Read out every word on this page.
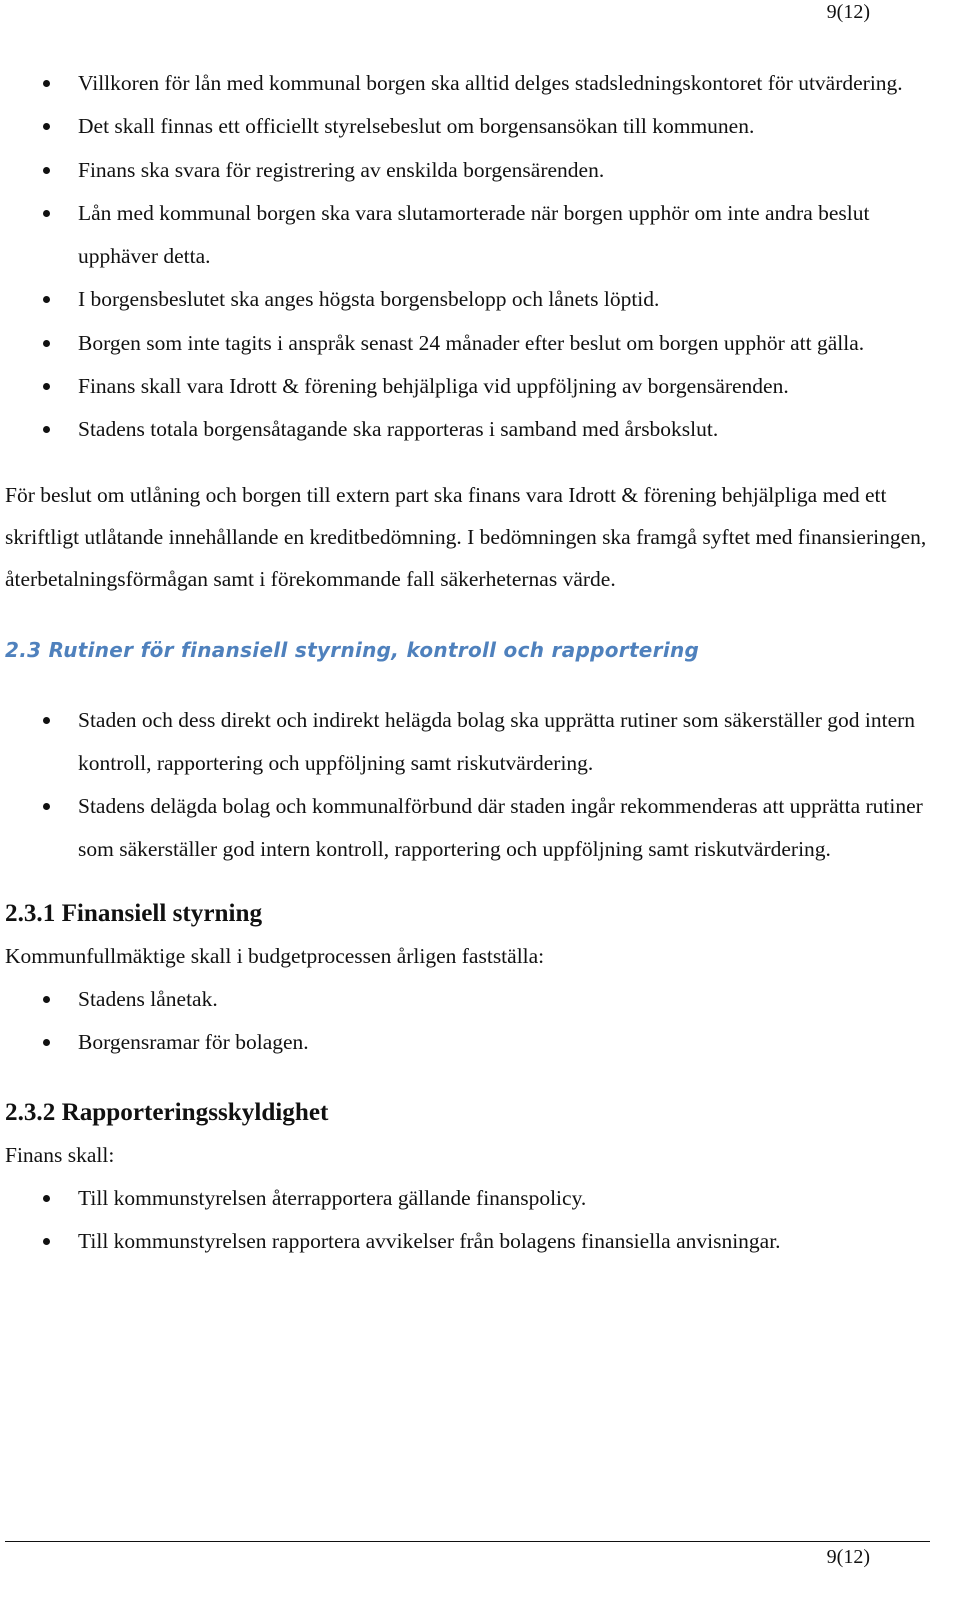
9(12)
Villkoren för lån med kommunal borgen ska alltid delges stadsledningskontoret för utvärdering.
Det skall finnas ett officiellt styrelsebeslut om borgensansökan till kommunen.
Finans ska svara för registrering av enskilda borgensärenden.
Lån med kommunal borgen ska vara slutamorterade när borgen upphör om inte andra beslut upphäver detta.
I borgensbeslutet ska anges högsta borgensbelopp och lånets löptid.
Borgen som inte tagits i anspråk senast 24 månader efter beslut om borgen upphör att gälla.
Finans skall vara Idrott & förening behjälpliga vid uppföljning av borgensärenden.
Stadens totala borgensåtagande ska rapporteras i samband med årsbokslut.

För beslut om utlåning och borgen till extern part ska finans vara Idrott & förening behjälpliga med ett skriftligt utlåtande innehållande en kreditbedömning. I bedömningen ska framgå syftet med finansieringen, återbetalningsförmågan samt i förekommande fall säkerheternas värde.

2.3 Rutiner för finansiell styrning, kontroll och rapportering
Staden och dess direkt och indirekt helägda bolag ska upprätta rutiner som säkerställer god intern kontroll, rapportering och uppföljning samt riskutvärdering.
Stadens delägda bolag och kommunalförbund där staden ingår rekommenderas att upprätta rutiner som säkerställer god intern kontroll, rapportering och uppföljning samt riskutvärdering.
2.3.1 Finansiell styrning

Kommunfullmäktige skall i budgetprocessen årligen fastställa:

Stadens lånetak.
Borgensramar för bolagen.
2.3.2 Rapporteringsskyldighet

Finans skall:

Till kommunstyrelsen återrapportera gällande finanspolicy.
Till kommunstyrelsen rapportera avvikelser från bolagens finansiella anvisningar.
9(12)
